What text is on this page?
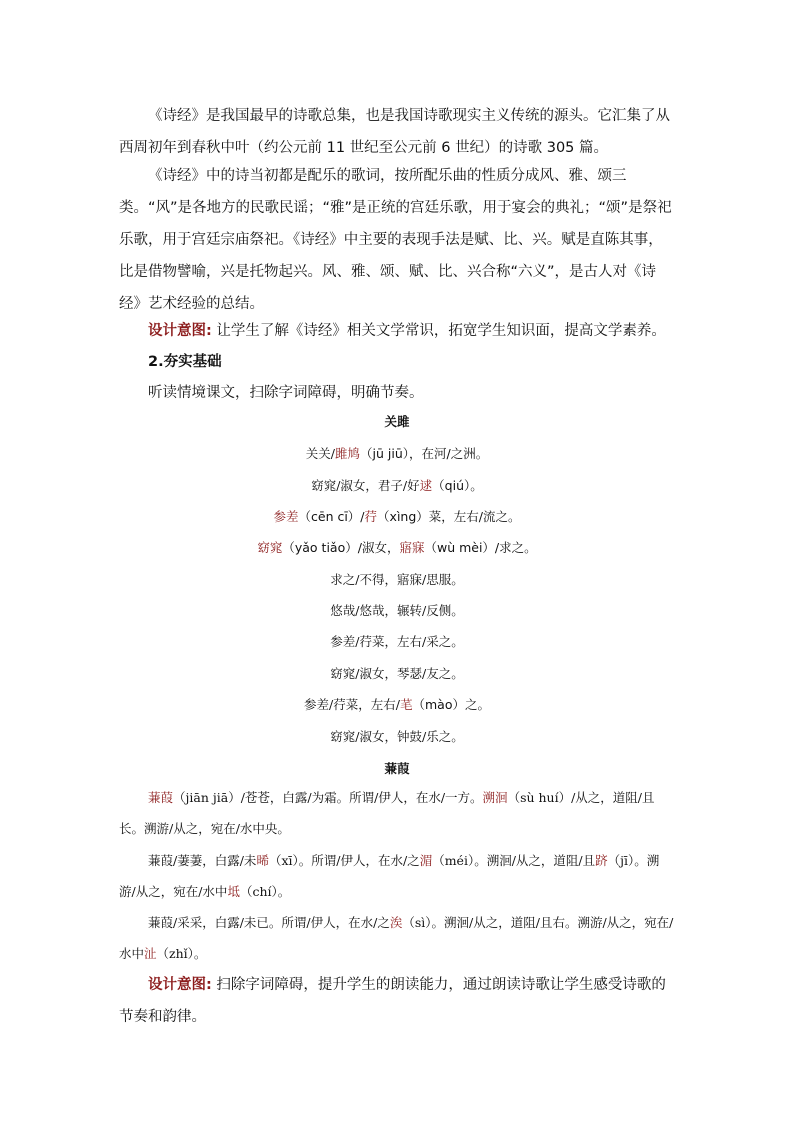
《诗经》是我国最早的诗歌总集，也是我国诗歌现实主义传统的源头。它汇集了从西周初年到春秋中叶（约公元前 11 世纪至公元前 6 世纪）的诗歌 305 篇。

《诗经》中的诗当初都是配乐的歌词，按所配乐曲的性质分成风、雅、颂三类。“风”是各地方的民歌民谣；“雅”是正统的宫廷乐歌，用于宴会的典礼；“颂”是祭祀乐歌，用于宫廷宗庙祭祀。《诗经》中主要的表现手法是赋、比、兴。赋是直陈其事，比是借物譬喻，兴是托物起兴。风、雅、颂、赋、比、兴合称“六义”，是古人对《诗经》艺术经验的总结。

设计意图: 让学生了解《诗经》相关文学常识，拓宽学生知识面，提高文学素养。

2.夯实基础

听读情境课文，扫除字词障碍，明确节奏。

关雎
关关/雎鸠（jū jiū），在河/之洲。
窈窕/淑女，君子/好逑（qiú）。
参差（cēn cī）/荇（xìng）菜，左右/流之。
窈窕（yǎo tiǎo）/淑女，寤寐（wù mèi）/求之。
求之/不得，寤寐/思服。
悠哉/悠哉，辗转/反侧。
参差/荇菜，左右/采之。
窈窕/淑女，琴瑟/友之。
参差/荇菜，左右/芼（mào）之。
窈窕/淑女，钟鼓/乐之。
蒹葭

蒹葭（jiān jiā）/苍苍，白露/为霜。所谓/伊人，在水/一方。溯洄（sù huí）/从之，道阻/且长。溯游/从之，宛在/水中央。

蒹葭/萋萋，白露/未晞（xī）。所谓/伊人，在水/之湄（méi）。溯洄/从之，道阻/且跻（jī）。溯游/从之，宛在/水中坻（chí）。

蒹葭/采采，白露/未已。所谓/伊人，在水/之涘（sì）。溯洄/从之，道阻/且右。溯游/从之，宛在/水中沚（zhǐ）。

设计意图: 扫除字词障碍，提升学生的朗读能力，通过朗读诗歌让学生感受诗歌的节奏和韵律。
